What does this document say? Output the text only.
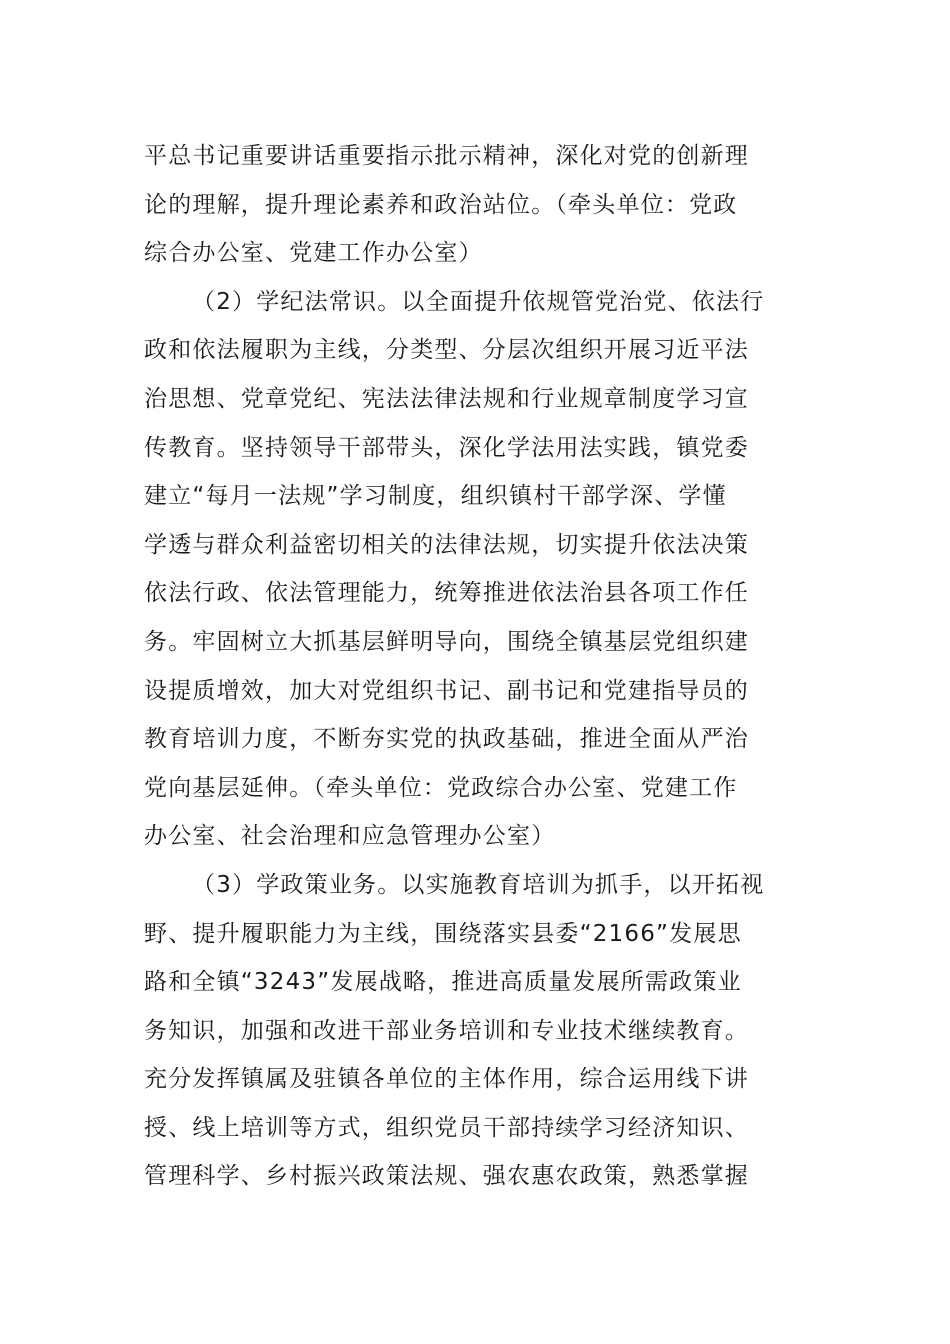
平总书记重要讲话重要指示批示精神，深化对党的创新理
论的理解，提升理论素养和政治站位。（牵头单位：党政
综合办公室、党建工作办公室）
（2）学纪法常识。以全面提升依规管党治党、依法行
政和依法履职为主线，分类型、分层次组织开展习近平法
治思想、党章党纪、宪法法律法规和行业规章制度学习宣
传教育。坚持领导干部带头，深化学法用法实践，镇党委
建立“每月一法规”学习制度，组织镇村干部学深、学懂
学透与群众利益密切相关的法律法规，切实提升依法决策
依法行政、依法管理能力，统筹推进依法治县各项工作任
务。牢固树立大抓基层鲜明导向，围绕全镇基层党组织建
设提质增效，加大对党组织书记、副书记和党建指导员的
教育培训力度，不断夯实党的执政基础，推进全面从严治
党向基层延伸。（牵头单位：党政综合办公室、党建工作
办公室、社会治理和应急管理办公室）
（3）学政策业务。以实施教育培训为抓手，以开拓视
野、提升履职能力为主线，围绕落实县委“2166”发展思
路和全镇“3243”发展战略，推进高质量发展所需政策业
务知识，加强和改进干部业务培训和专业技术继续教育。
充分发挥镇属及驻镇各单位的主体作用，综合运用线下讲
授、线上培训等方式，组织党员干部持续学习经济知识、
管理科学、乡村振兴政策法规、强农惠农政策，熟悉掌握
